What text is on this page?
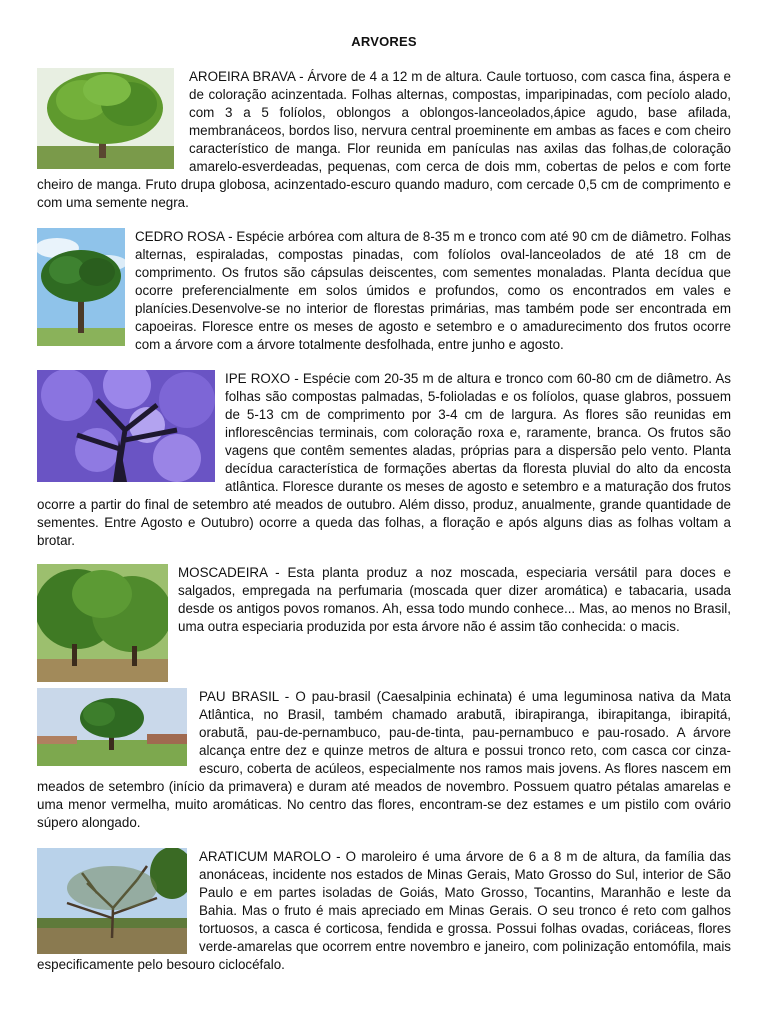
ARVORES

AROEIRA BRAVA - Árvore de 4 a 12 m de altura. Caule tortuoso, com casca fina, áspera e de coloração acinzentada. Folhas alternas, compostas, imparipinadas, com pecíolo alado, com 3 a 5 folíolos, oblongos a oblongos-lanceolados,ápice agudo, base afilada, membranáceos, bordos liso, nervura central proeminente em ambas as faces e com cheiro característico de manga. Flor reunida em panículas nas axilas das folhas,de coloração amarelo-esverdeadas, pequenas, com cerca de dois mm, cobertas de pelos e com forte cheiro de manga. Fruto drupa globosa, acinzentado-escuro quando maduro, com cercade 0,5 cm de comprimento e com uma semente negra.

CEDRO ROSA - Espécie arbórea com altura de 8-35 m e tronco com até 90 cm de diâmetro. Folhas alternas, espiraladas, compostas pinadas, com folíolos oval-lanceolados de até 18 cm de comprimento. Os frutos são cápsulas deiscentes, com sementes monaladas. Planta decídua que ocorre preferencialmente em solos úmidos e profundos, como os encontrados em vales e planícies.Desenvolve-se no interior de florestas primárias, mas também pode ser encontrada em capoeiras. Floresce entre os meses de agosto e setembro e o amadurecimento dos frutos ocorre com a árvore com a árvore totalmente desfolhada, entre junho e agosto.

IPE ROXO - Espécie com 20-35 m de altura e tronco com 60-80 cm de diâmetro. As folhas são compostas palmadas, 5-folioladas e os folíolos, quase glabros, possuem de 5-13 cm de comprimento por 3-4 cm de largura. As flores são reunidas em inflorescências terminais, com coloração roxa e, raramente, branca. Os frutos são vagens que contêm sementes aladas, próprias para a dispersão pelo vento. Planta decídua característica de formações abertas da floresta pluvial do alto da encosta atlântica. Floresce durante os meses de agosto e setembro e a maturação dos frutos ocorre a partir do final de setembro até meados de outubro. Além disso, produz, anualmente, grande quantidade de sementes. Entre Agosto e Outubro) ocorre a queda das folhas, a floração e após alguns dias as folhas voltam a brotar.

MOSCADEIRA - Esta planta produz a noz moscada, especiaria versátil para doces e salgados, empregada na perfumaria (moscada quer dizer aromática) e tabacaria, usada desde os antigos povos romanos. Ah, essa todo mundo conhece... Mas, ao menos no Brasil, uma outra especiaria produzida por esta árvore não é assim tão conhecida: o macis.

PAU BRASIL - O pau-brasil (Caesalpinia echinata) é uma leguminosa nativa da Mata Atlântica, no Brasil, também chamado arabutã, ibirapiranga, ibirapitanga, ibirapitá, orabutã, pau-de-pernambuco, pau-de-tinta, pau-pernambuco e pau-rosado. A árvore alcança entre dez e quinze metros de altura e possui tronco reto, com casca cor cinza-escuro, coberta de acúleos, especialmente nos ramos mais jovens. As flores nascem em meados de setembro (início da primavera) e duram até meados de novembro. Possuem quatro pétalas amarelas e uma menor vermelha, muito aromáticas. No centro das flores, encontram-se dez estames e um pistilo com ovário súpero alongado.

ARATICUM MAROLO - O maroleiro é uma árvore de 6 a 8 m de altura, da família das anonáceas, incidente nos estados de Minas Gerais, Mato Grosso do Sul, interior de São Paulo e em partes isoladas de Goiás, Mato Grosso, Tocantins, Maranhão e leste da Bahia. Mas o fruto é mais apreciado em Minas Gerais. O seu tronco é reto com galhos tortuosos, a casca é corticosa, fendida e grossa. Possui folhas ovadas, coriáceas, flores verde-amarelas que ocorrem entre novembro e janeiro, com polinização entomófila, mais especificamente pelo besouro ciclocéfalo.
